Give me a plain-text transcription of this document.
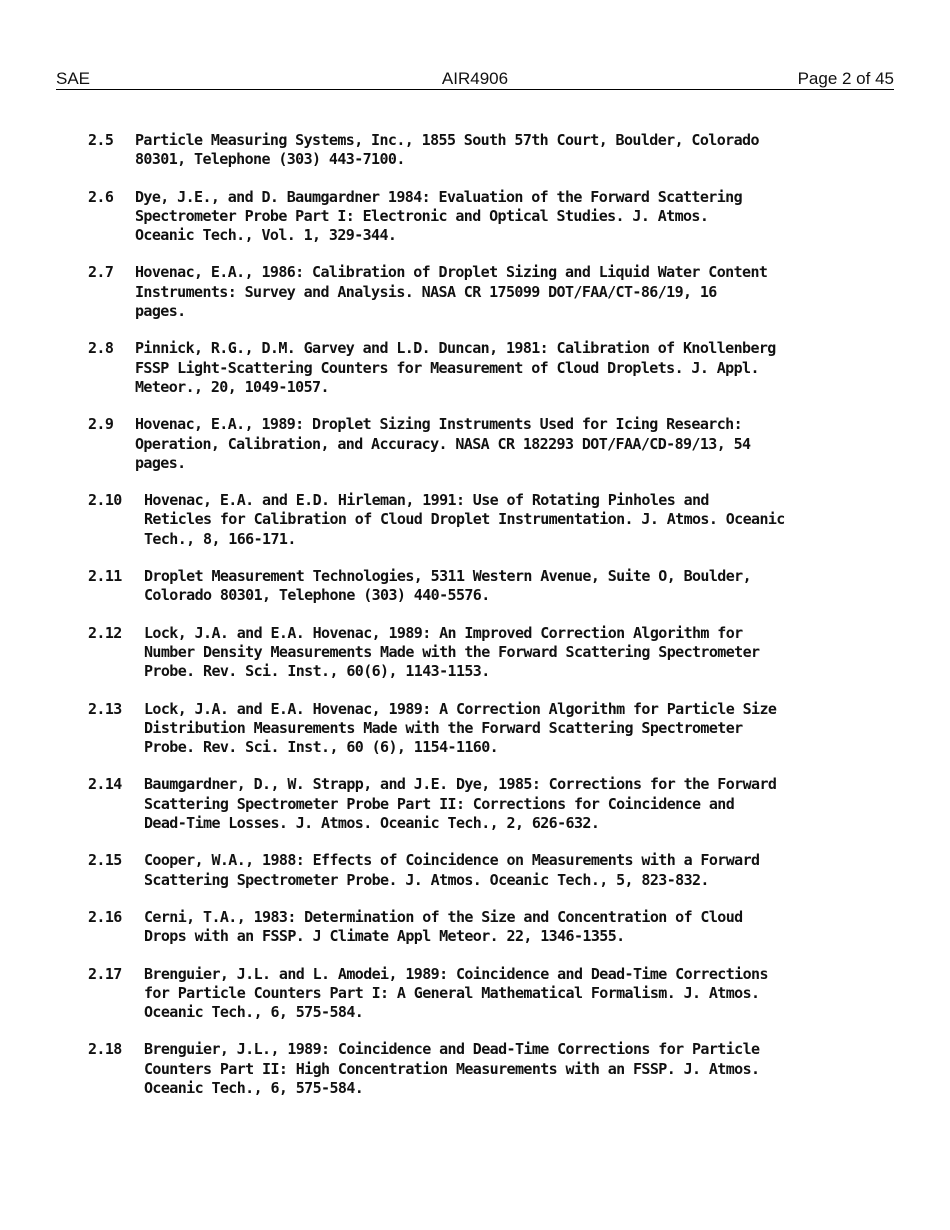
SAE	AIR4906	Page 2 of 45
2.5	Particle Measuring Systems, Inc., 1855 South 57th Court, Boulder, Colorado
80301, Telephone (303) 443-7100.
2.6	Dye, J.E., and D. Baumgardner 1984: Evaluation of the Forward Scattering
Spectrometer Probe Part I: Electronic and Optical Studies. J. Atmos.
Oceanic Tech., Vol. 1, 329-344.
2.7	Hovenac, E.A., 1986: Calibration of Droplet Sizing and Liquid Water Content
Instruments: Survey and Analysis. NASA CR 175099 DOT/FAA/CT-86/19, 16
pages.
2.8	Pinnick, R.G., D.M. Garvey and L.D. Duncan, 1981: Calibration of Knollenberg
FSSP Light-Scattering Counters for Measurement of Cloud Droplets. J. Appl.
Meteor., 20, 1049-1057.
2.9	Hovenac, E.A., 1989: Droplet Sizing Instruments Used for Icing Research:
Operation, Calibration, and Accuracy. NASA CR 182293 DOT/FAA/CD-89/13, 54
pages.
2.10	Hovenac, E.A. and E.D. Hirleman, 1991: Use of Rotating Pinholes and
Reticles for Calibration of Cloud Droplet Instrumentation. J. Atmos. Oceanic
Tech., 8, 166-171.
2.11	Droplet Measurement Technologies, 5311 Western Avenue, Suite O, Boulder,
Colorado 80301, Telephone (303) 440-5576.
2.12	Lock, J.A. and E.A. Hovenac, 1989: An Improved Correction Algorithm for
Number Density Measurements Made with the Forward Scattering Spectrometer
Probe. Rev. Sci. Inst., 60(6), 1143-1153.
2.13	Lock, J.A. and E.A. Hovenac, 1989: A Correction Algorithm for Particle Size
Distribution Measurements Made with the Forward Scattering Spectrometer
Probe. Rev. Sci. Inst., 60 (6), 1154-1160.
2.14	Baumgardner, D., W. Strapp, and J.E. Dye, 1985: Corrections for the Forward
Scattering Spectrometer Probe Part II: Corrections for Coincidence and
Dead-Time Losses. J. Atmos. Oceanic Tech., 2, 626-632.
2.15	Cooper, W.A., 1988: Effects of Coincidence on Measurements with a Forward
Scattering Spectrometer Probe. J. Atmos. Oceanic Tech., 5, 823-832.
2.16	Cerni, T.A., 1983: Determination of the Size and Concentration of Cloud
Drops with an FSSP. J Climate Appl Meteor. 22, 1346-1355.
2.17	Brenguier, J.L. and L. Amodei, 1989: Coincidence and Dead-Time Corrections
for Particle Counters Part I: A General Mathematical Formalism. J. Atmos.
Oceanic Tech., 6, 575-584.
2.18	Brenguier, J.L., 1989: Coincidence and Dead-Time Corrections for Particle
Counters Part II: High Concentration Measurements with an FSSP. J. Atmos.
Oceanic Tech., 6, 575-584.
